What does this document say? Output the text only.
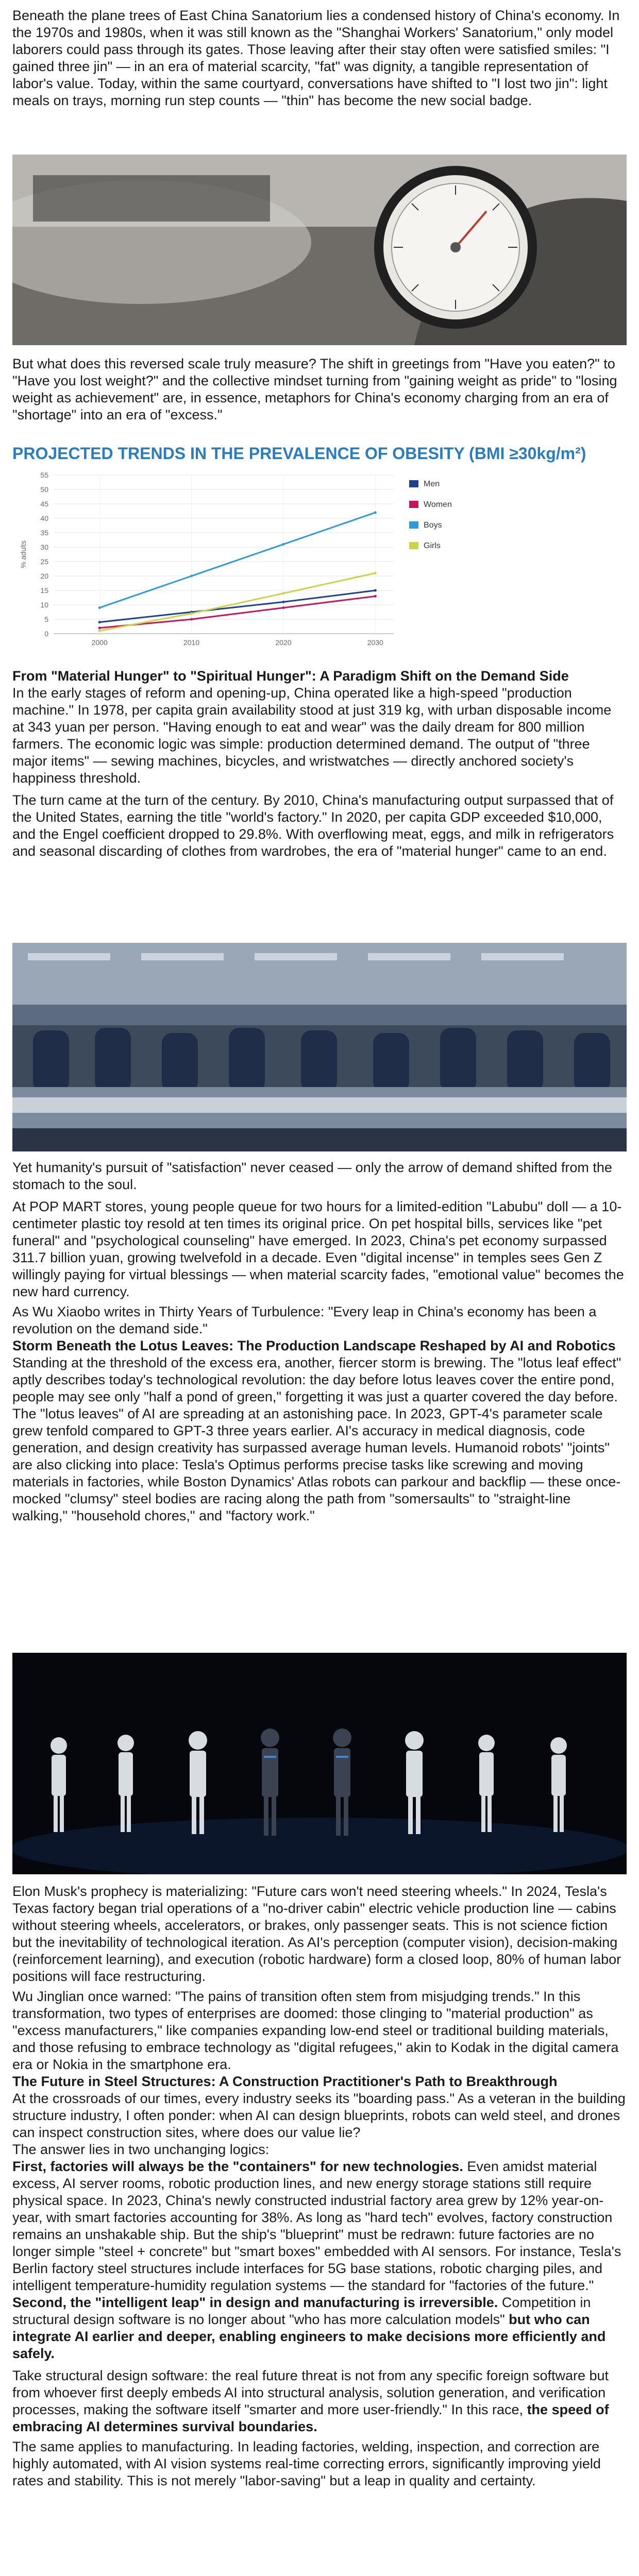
Beneath the plane trees of East China Sanatorium lies a condensed history of China's economy. In the 1970s and 1980s, when it was still known as the "Shanghai Workers' Sanatorium," only model laborers could pass through its gates. Those leaving after their stay often were satisfied smiles: "I gained three jin" — in an era of material scarcity, "fat" was dignity, a tangible representation of labor's value. Today, within the same courtyard, conversations have shifted to "I lost two jin": light meals on trays, morning run step counts — "thin" has become the new social badge.

But what does this reversed scale truly measure? The shift in greetings from "Have you eaten?" to "Have you lost weight?" and the collective mindset turning from "gaining weight as pride" to "losing weight as achievement" are, in essence, metaphors for China's economy charging from an era of "shortage" into an era of "excess."

PROJECTED TRENDS IN THE PREVALENCE OF OBESITY (BMI ≥30kg/m²)
0
5
10
15
20
25
30
35
40
45
50
55
2000	2010	2020	2030
% adults
Men
Women
Boys
Girls

From "Material Hunger" to "Spiritual Hunger": A Paradigm Shift on the Demand Side

In the early stages of reform and opening-up, China operated like a high-speed "production machine." In 1978, per capita grain availability stood at just 319 kg, with urban disposable income at 343 yuan per person. "Having enough to eat and wear" was the daily dream for 800 million farmers. The economic logic was simple: production determined demand. The output of "three major items" — sewing machines, bicycles, and wristwatches — directly anchored society's happiness threshold.

The turn came at the turn of the century. By 2010, China's manufacturing output surpassed that of the United States, earning the title "world's factory." In 2020, per capita GDP exceeded $10,000, and the Engel coefficient dropped to 29.8%. With overflowing meat, eggs, and milk in refrigerators and seasonal discarding of clothes from wardrobes, the era of "material hunger" came to an end.

Yet humanity's pursuit of "satisfaction" never ceased — only the arrow of demand shifted from the stomach to the soul.

At POP MART stores, young people queue for two hours for a limited-edition "Labubu" doll — a 10-centimeter plastic toy resold at ten times its original price. On pet hospital bills, services like "pet funeral" and "psychological counseling" have emerged. In 2023, China's pet economy surpassed 311.7 billion yuan, growing twelvefold in a decade. Even "digital incense" in temples sees Gen Z willingly paying for virtual blessings — when material scarcity fades, "emotional value" becomes the new hard currency.

As Wu Xiaobo writes in Thirty Years of Turbulence: "Every leap in China's economy has been a revolution on the demand side."

Storm Beneath the Lotus Leaves: The Production Landscape Reshaped by AI and Robotics

Standing at the threshold of the excess era, another, fiercer storm is brewing. The "lotus leaf effect" aptly describes today's technological revolution: the day before lotus leaves cover the entire pond, people may see only "half a pond of green," forgetting it was just a quarter covered the day before.

The "lotus leaves" of AI are spreading at an astonishing pace. In 2023, GPT-4's parameter scale grew tenfold compared to GPT-3 three years earlier. AI's accuracy in medical diagnosis, code generation, and design creativity has surpassed average human levels. Humanoid robots' "joints" are also clicking into place: Tesla's Optimus performs precise tasks like screwing and moving materials in factories, while Boston Dynamics' Atlas robots can parkour and backflip — these once-mocked "clumsy" steel bodies are racing along the path from "somersaults" to "straight-line walking," "household chores," and "factory work."

Elon Musk's prophecy is materializing: "Future cars won't need steering wheels." In 2024, Tesla's Texas factory began trial operations of a "no-driver cabin" electric vehicle production line — cabins without steering wheels, accelerators, or brakes, only passenger seats. This is not science fiction but the inevitability of technological iteration. As AI's perception (computer vision), decision-making (reinforcement learning), and execution (robotic hardware) form a closed loop, 80% of human labor positions will face restructuring.

Wu Jinglian once warned: "The pains of transition often stem from misjudging trends." In this transformation, two types of enterprises are doomed: those clinging to "material production" as "excess manufacturers," like companies expanding low-end steel or traditional building materials, and those refusing to embrace technology as "digital refugees," akin to Kodak in the digital camera era or Nokia in the smartphone era.

The Future in Steel Structures: A Construction Practitioner's Path to Breakthrough

At the crossroads of our times, every industry seeks its "boarding pass." As a veteran in the building structure industry, I often ponder: when AI can design blueprints, robots can weld steel, and drones can inspect construction sites, where does our value lie?

The answer lies in two unchanging logics:

First, factories will always be the "containers" for new technologies. Even amidst material excess, AI server rooms, robotic production lines, and new energy storage stations still require physical space. In 2023, China's newly constructed industrial factory area grew by 12% year-on-year, with smart factories accounting for 38%. As long as "hard tech" evolves, factory construction remains an unshakable ship. But the ship's "blueprint" must be redrawn: future factories are no longer simple "steel + concrete" but "smart boxes" embedded with AI sensors. For instance, Tesla's Berlin factory steel structures include interfaces for 5G base stations, robotic charging piles, and intelligent temperature-humidity regulation systems — the standard for "factories of the future."

Second, the "intelligent leap" in design and manufacturing is irreversible. Competition in structural design software is no longer about "who has more calculation models" but who can integrate AI earlier and deeper, enabling engineers to make decisions more efficiently and safely.

Take structural design software: the real future threat is not from any specific foreign software but from whoever first deeply embeds AI into structural analysis, solution generation, and verification processes, making the software itself "smarter and more user-friendly." In this race, the speed of embracing AI determines survival boundaries.

The same applies to manufacturing. In leading factories, welding, inspection, and correction are highly automated, with AI vision systems real-time correcting errors, significantly improving yield rates and stability. This is not merely "labor-saving" but a leap in quality and certainty.
